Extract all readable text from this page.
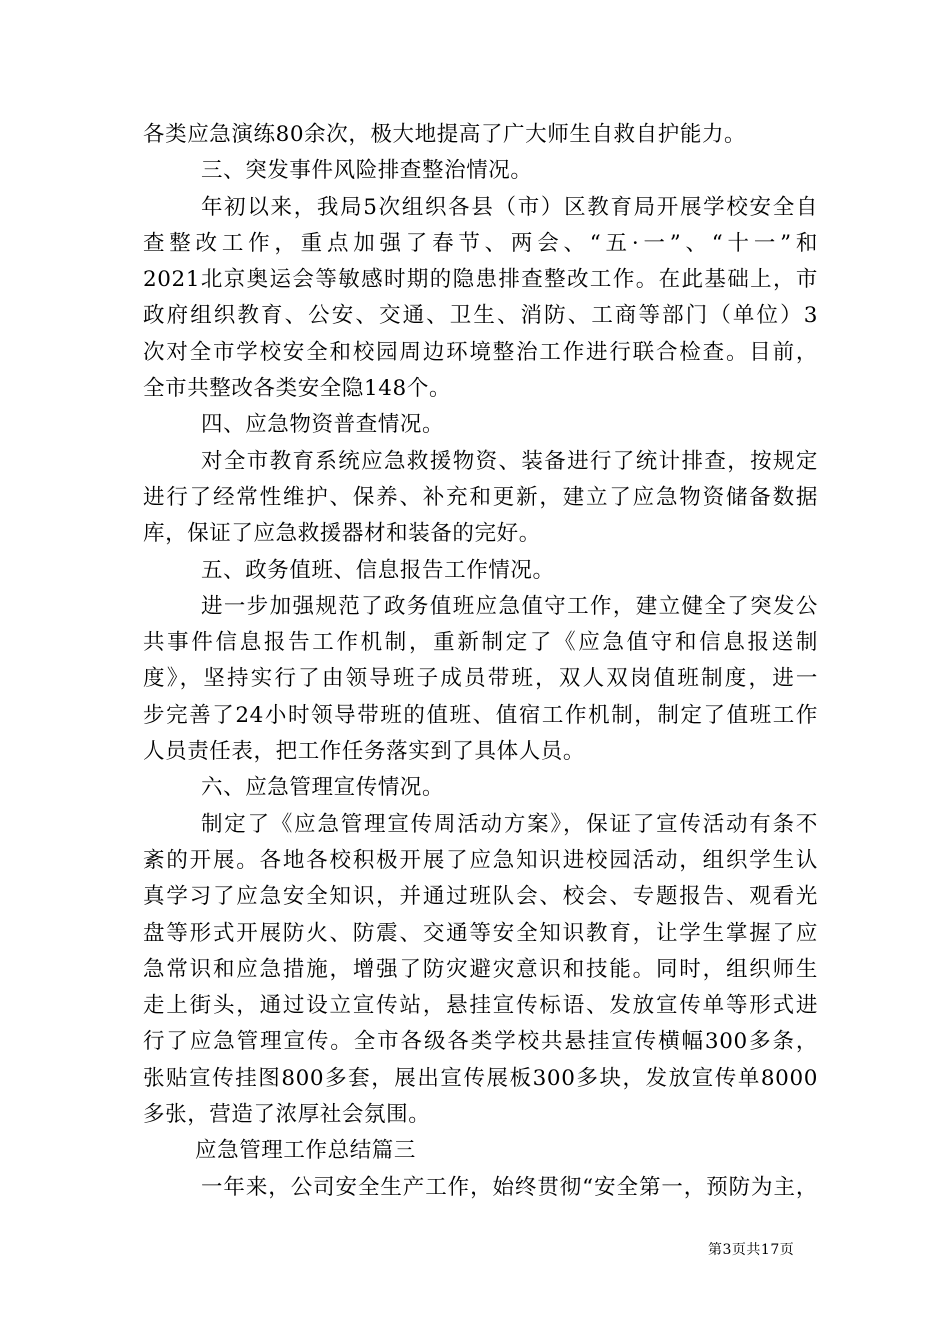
各类应急演练80余次，极大地提高了广大师生自救自护能力。
三、突发事件风险排查整治情况。
年初以来，我局5次组织各县（市）区教育局开展学校安全自
查整改工作，重点加强了春节、两会、“五·一”、“十一”和
2021北京奥运会等敏感时期的隐患排查整改工作。在此基础上，市
政府组织教育、公安、交通、卫生、消防、工商等部门（单位）3
次对全市学校安全和校园周边环境整治工作进行联合检查。目前，
全市共整改各类安全隐148个。
四、应急物资普查情况。
对全市教育系统应急救援物资、装备进行了统计排查，按规定
进行了经常性维护、保养、补充和更新，建立了应急物资储备数据
库，保证了应急救援器材和装备的完好。
五、政务值班、信息报告工作情况。
进一步加强规范了政务值班应急值守工作，建立健全了突发公
共事件信息报告工作机制，重新制定了《应急值守和信息报送制
度》，坚持实行了由领导班子成员带班，双人双岗值班制度，进一
步完善了24小时领导带班的值班、值宿工作机制，制定了值班工作
人员责任表，把工作任务落实到了具体人员。
六、应急管理宣传情况。
制定了《应急管理宣传周活动方案》，保证了宣传活动有条不
紊的开展。各地各校积极开展了应急知识进校园活动，组织学生认
真学习了应急安全知识，并通过班队会、校会、专题报告、观看光
盘等形式开展防火、防震、交通等安全知识教育，让学生掌握了应
急常识和应急措施，增强了防灾避灾意识和技能。同时，组织师生
走上街头，通过设立宣传站，悬挂宣传标语、发放宣传单等形式进
行了应急管理宣传。全市各级各类学校共悬挂宣传横幅300多条，
张贴宣传挂图800多套，展出宣传展板300多块，发放宣传单8000
多张，营造了浓厚社会氛围。
应急管理工作总结篇三
一年来，公司安全生产工作，始终贯彻“安全第一，预防为主，
第3页共17页
